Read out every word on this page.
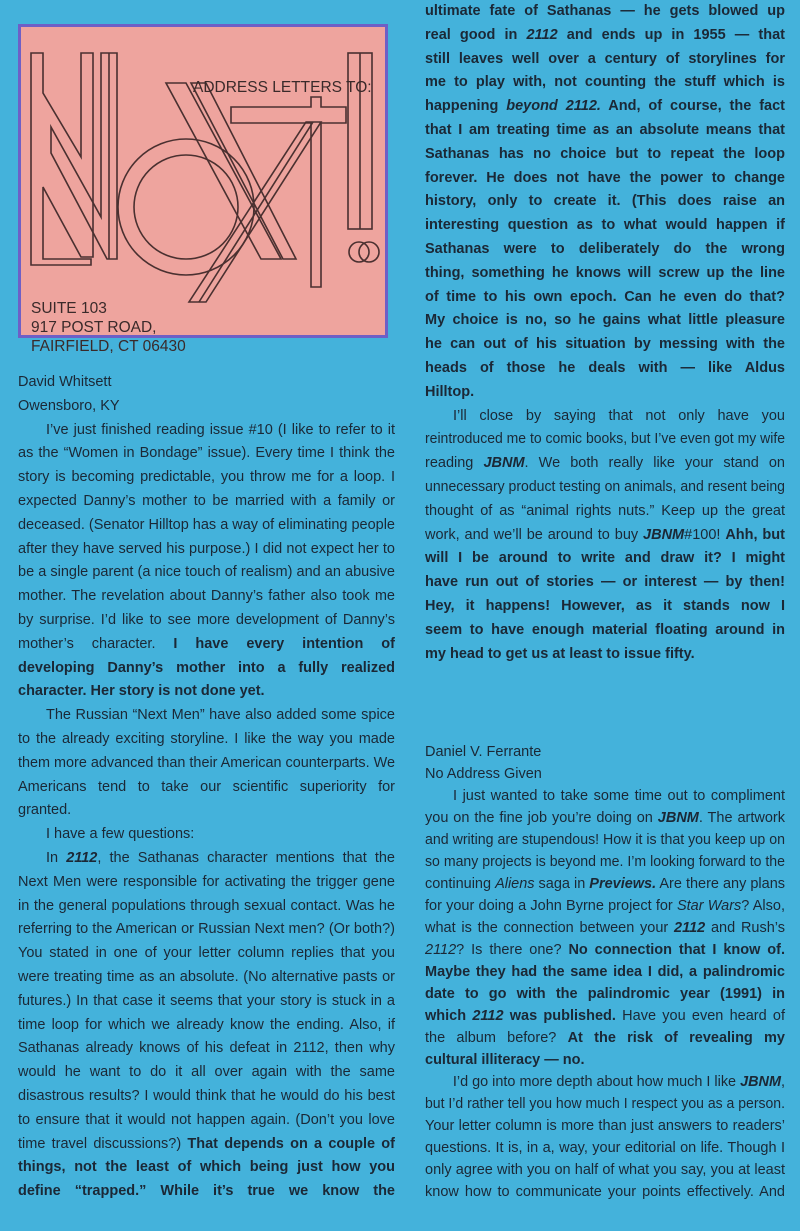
ADDRESS LETTERS TO:
SUITE 103
917 POST ROAD,
FAIRFIELD, CT 06430
David Whitsett
Owensboro, KY
I’ve just finished reading issue #10 (I like to refer to it
as the “Women in Bondage” issue). Every time I think the
story is becoming predictable, you throw me for a loop. I
expected Danny’s mother to be married with a family or
deceased. (Senator Hilltop has a way of eliminating people
after they have served his purpose.) I did not expect her to
be a single parent (a nice touch of realism) and an abusive
mother. The revelation about Danny’s father also took me
by surprise. I’d like to see more development of Danny’s
mother’s character. I have every intention of
developing Danny’s mother into a fully realized
character. Her story is not done yet.
The Russian “Next Men” have also added some spice
to the already exciting storyline. I like the way you made
them more advanced than their American counterparts. We
Americans tend to take our scientific superiority for
granted.
I have a few questions:
In 2112, the Sathanas character mentions that the
Next Men were responsible for activating the trigger gene
in the general populations through sexual contact. Was he
referring to the American or Russian Next men? (Or both?)
You stated in one of your letter column replies that you
were treating time as an absolute. (No alternative pasts or
futures.) In that case it seems that your story is stuck in a
time loop for which we already know the ending. Also, if
Sathanas already knows of his defeat in 2112, then why
would he want to do it all over again with the same
disastrous results? I would think that he would do his best
to ensure that it would not happen again. (Don’t you love
time travel discussions?) That depends on a couple of
things, not the least of which being just how you
define “trapped.” While it’s true we know the
ultimate fate of Sathanas — he gets blowed up
real good in 2112 and ends up in 1955 — that
still leaves well over a century of storylines for
me to play with, not counting the stuff which is
happening beyond 2112. And, of course, the fact
that I am treating time as an absolute means that
Sathanas has no choice but to repeat the loop
forever. He does not have the power to change
history, only to create it. (This does raise an
interesting question as to what would happen if
Sathanas were to deliberately do the wrong
thing, something he knows will screw up the line
of time to his own epoch. Can he even do that?
My choice is no, so he gains what little pleasure
he can out of his situation by messing with the
heads of those he deals with — like Aldus
Hilltop.
I’ll close by saying that not only have you
reintroduced me to comic books, but I’ve even got my wife
reading JBNM. We both really like your stand on
unnecessary product testing on animals, and resent being
thought of as “animal rights nuts.” Keep up the great
work, and we’ll be around to buy JBNM#100! Ahh, but
will I be around to write and draw it? I might
have run out of stories — or interest — by then!
Hey, it happens! However, as it stands now I
seem to have enough material floating around in
my head to get us at least to issue fifty.
Daniel V. Ferrante
No Address Given
I just wanted to take some time out to compliment
you on the fine job you’re doing on JBNM. The artwork
and writing are stupendous! How it is that you keep up on
so many projects is beyond me. I’m looking forward to the
continuing Aliens saga in Previews. Are there any plans
for your doing a John Byrne project for Star Wars? Also,
what is the connection between your 2112 and Rush’s
2112? Is there one? No connection that I know of.
Maybe they had the same idea I did, a palindromic
date to go with the palindromic year (1991) in
which 2112 was published. Have you even heard of
the album before? At the risk of revealing my
cultural illiteracy — no.
I’d go into more depth about how much I like JBNM,
but I’d rather tell you how much I respect you as a person.
Your letter column is more than just answers to readers’
questions. It is, in a, way, your editorial on life. Though I
only agree with you on half of what you say, you at least
know how to communicate your points effectively. And
